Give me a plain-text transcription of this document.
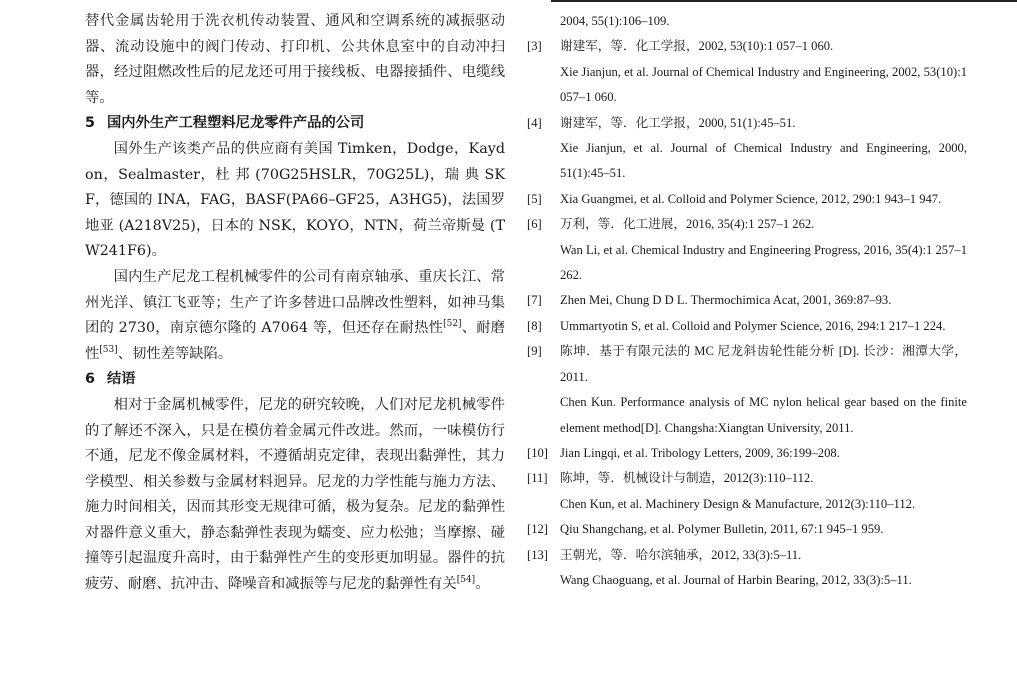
替代金属齿轮用于洗衣机传动装置、通风和空调系统的减振驱动器、流动设施中的阀门传动、打印机、公共休息室中的自动冲扫器，经过阻燃改性后的尼龙还可用于接线板、电器接插件、电缆线等。

5 国内外生产工程塑料尼龙零件产品的公司

国外生产该类产品的供应商有美国 Timken，Dodge，Kaydon，Sealmaster，杜 邦 (70G25HSLR，70G25L)，瑞 典 SKF，德国的 INA，FAG，BASF(PA66–GF25，A3HG5)，法国罗地亚 (A218V25)，日本的 NSK，KOYO，NTN，荷兰帝斯曼 (TW241F6)。

国内生产尼龙工程机械零件的公司有南京轴承、重庆长江、常州光洋、镇江飞亚等；生产了许多替进口品牌改性塑料，如神马集团的 2730，南京德尔隆的 A7064 等，但还存在耐热性[52]、耐磨性[53]、韧性差等缺陷。

6 结语

相对于金属机械零件，尼龙的研究较晚，人们对尼龙机械零件的了解还不深入，只是在模仿着金属元件改进。然而，一味模仿行不通，尼龙不像金属材料，不遵循胡克定律，表现出黏弹性，其力学模型、相关参数与金属材料迥异。尼龙的力学性能与施力方法、施力时间相关，因而其形变无规律可循，极为复杂。尼龙的黏弹性对器件意义重大，静态黏弹性表现为蠕变、应力松弛；当摩擦、碰撞等引起温度升高时，由于黏弹性产生的变形更加明显。器件的抗疲劳、耐磨、抗冲击、降噪音和减振等与尼龙的黏弹性有关[54]。

2004, 55(1):106–109.
[3] 谢建军，等．化工学报，2002, 53(10):1 057–1 060.
Xie Jianjun, et al. Journal of Chemical Industry and Engineering, 2002, 53(10):1 057–1 060.
[4] 谢建军，等．化工学报，2000, 51(1):45–51.
Xie Jianjun, et al. Journal of Chemical Industry and Engineering, 2000, 51(1):45–51.
[5] Xia Guangmei, et al. Colloid and Polymer Science, 2012, 290:1 943–1 947.
[6] 万利，等．化工进展，2016, 35(4):1 257–1 262.
Wan Li, et al. Chemical Industry and Engineering Progress, 2016, 35(4):1 257–1 262.
[7] Zhen Mei, Chung D D L. Thermochimica Acat, 2001, 369:87–93.
[8] Ummartyotin S, et al. Colloid and Polymer Science, 2016, 294:1 217–1 224.
[9] 陈坤．基于有限元法的 MC 尼龙斜齿轮性能分析 [D]. 长沙：湘潭大学，2011.
Chen Kun. Performance analysis of MC nylon helical gear based on the finite element method[D]. Changsha:Xiangtan University, 2011.
[10] Jian Lingqi, et al. Tribology Letters, 2009, 36:199–208.
[11] 陈坤，等．机械设计与制造，2012(3):110–112.
Chen Kun, et al. Machinery Design & Manufacture, 2012(3):110–112.
[12] Qiu Shangchang, et al. Polymer Bulletin, 2011, 67:1 945–1 959.
[13] 王朝光，等．哈尔滨轴承，2012, 33(3):5–11.
Wang Chaoguang, et al. Journal of Harbin Bearing, 2012, 33(3):5–11.
